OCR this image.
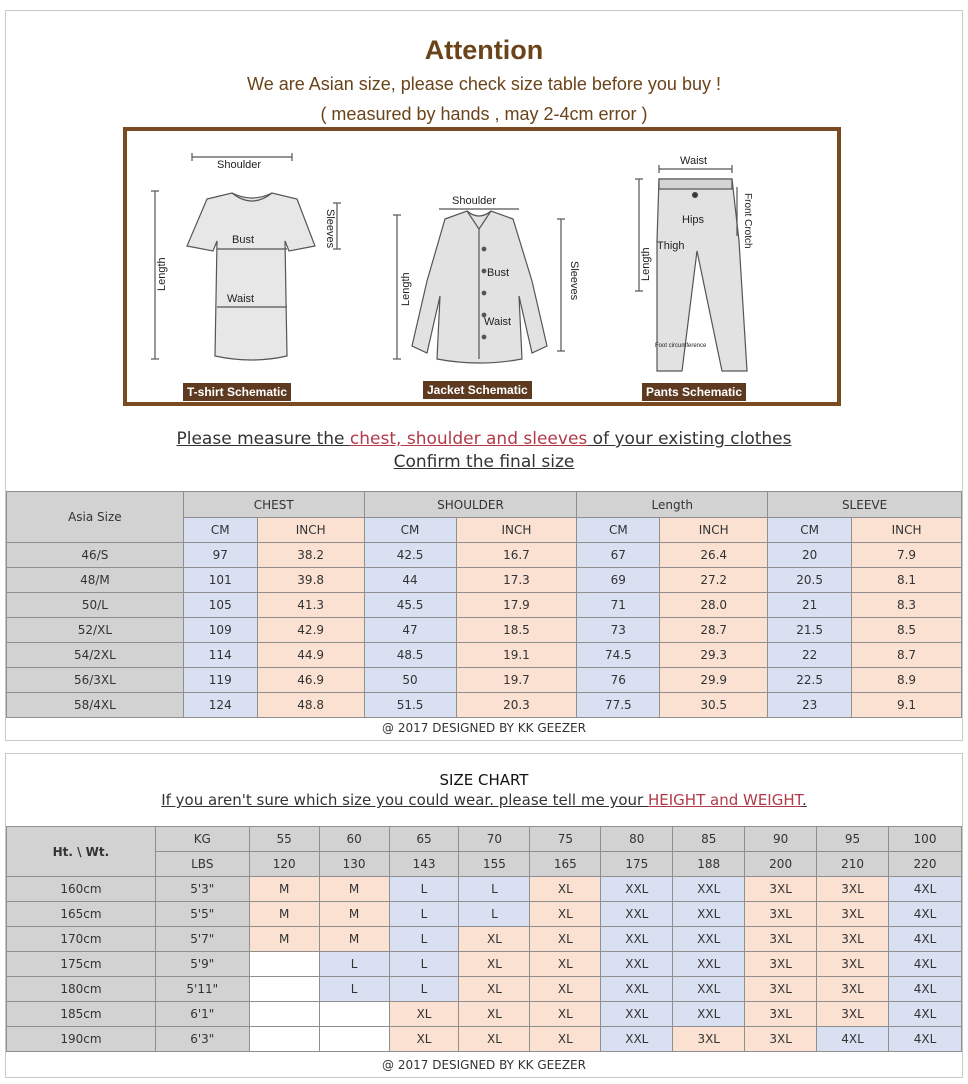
Attention
We are Asian size, please check size table before you buy !
( measured by hands , may 2-4cm error )
Shoulder
Bust
Waist
Length
Sleeves
Shoulder
Bust
Waist
Length	Sleeves
Waist
Hips
Thigh
Length
Front Crotch
Foot circumference
T-shirt Schematic	Jacket Schematic	Pants Schematic
Please measure the chest, shoulder and sleeves of your existing clothes
Confirm the final size
Asia Size	CHEST		SHOULDER		Length		SLEEVE	
	CM	INCH	CM	INCH	CM	INCH	CM	INCH
46/S	97	38.2	42.5	16.7	67	26.4	20	7.9
48/M	101	39.8	44	17.3	69	27.2	20.5	8.1
50/L	105	41.3	45.5	17.9	71	28.0	21	8.3
52/XL	109	42.9	47	18.5	73	28.7	21.5	8.5
54/2XL	114	44.9	48.5	19.1	74.5	29.3	22	8.7
56/3XL	119	46.9	50	19.7	76	29.9	22.5	8.9
58/4XL	124	48.8	51.5	20.3	77.5	30.5	23	9.1
@ 2017 DESIGNED BY KK GEEZER
SIZE CHART
If you aren't sure which size you could wear. please tell me your HEIGHT and WEIGHT.
Ht. \ Wt.	KG	55	60	65	70	75	80	85	90	95	100
	LBS	120	130	143	155	165	175	188	200	210	220
160cm	5'3"	M	M	L	L	XL	XXL	XXL	3XL	3XL	4XL
165cm	5'5"	M	M	L	L	XL	XXL	XXL	3XL	3XL	4XL
170cm	5'7"	M	M	L	XL	XL	XXL	XXL	3XL	3XL	4XL
175cm	5'9"		L	L	XL	XL	XXL	XXL	3XL	3XL	4XL
180cm	5'11"		L	L	XL	XL	XXL	XXL	3XL	3XL	4XL
185cm	6'1"			XL	XL	XL	XXL	XXL	3XL	3XL	4XL
190cm	6'3"			XL	XL	XL	XXL	3XL	3XL	4XL	4XL
@ 2017 DESIGNED BY KK GEEZER
